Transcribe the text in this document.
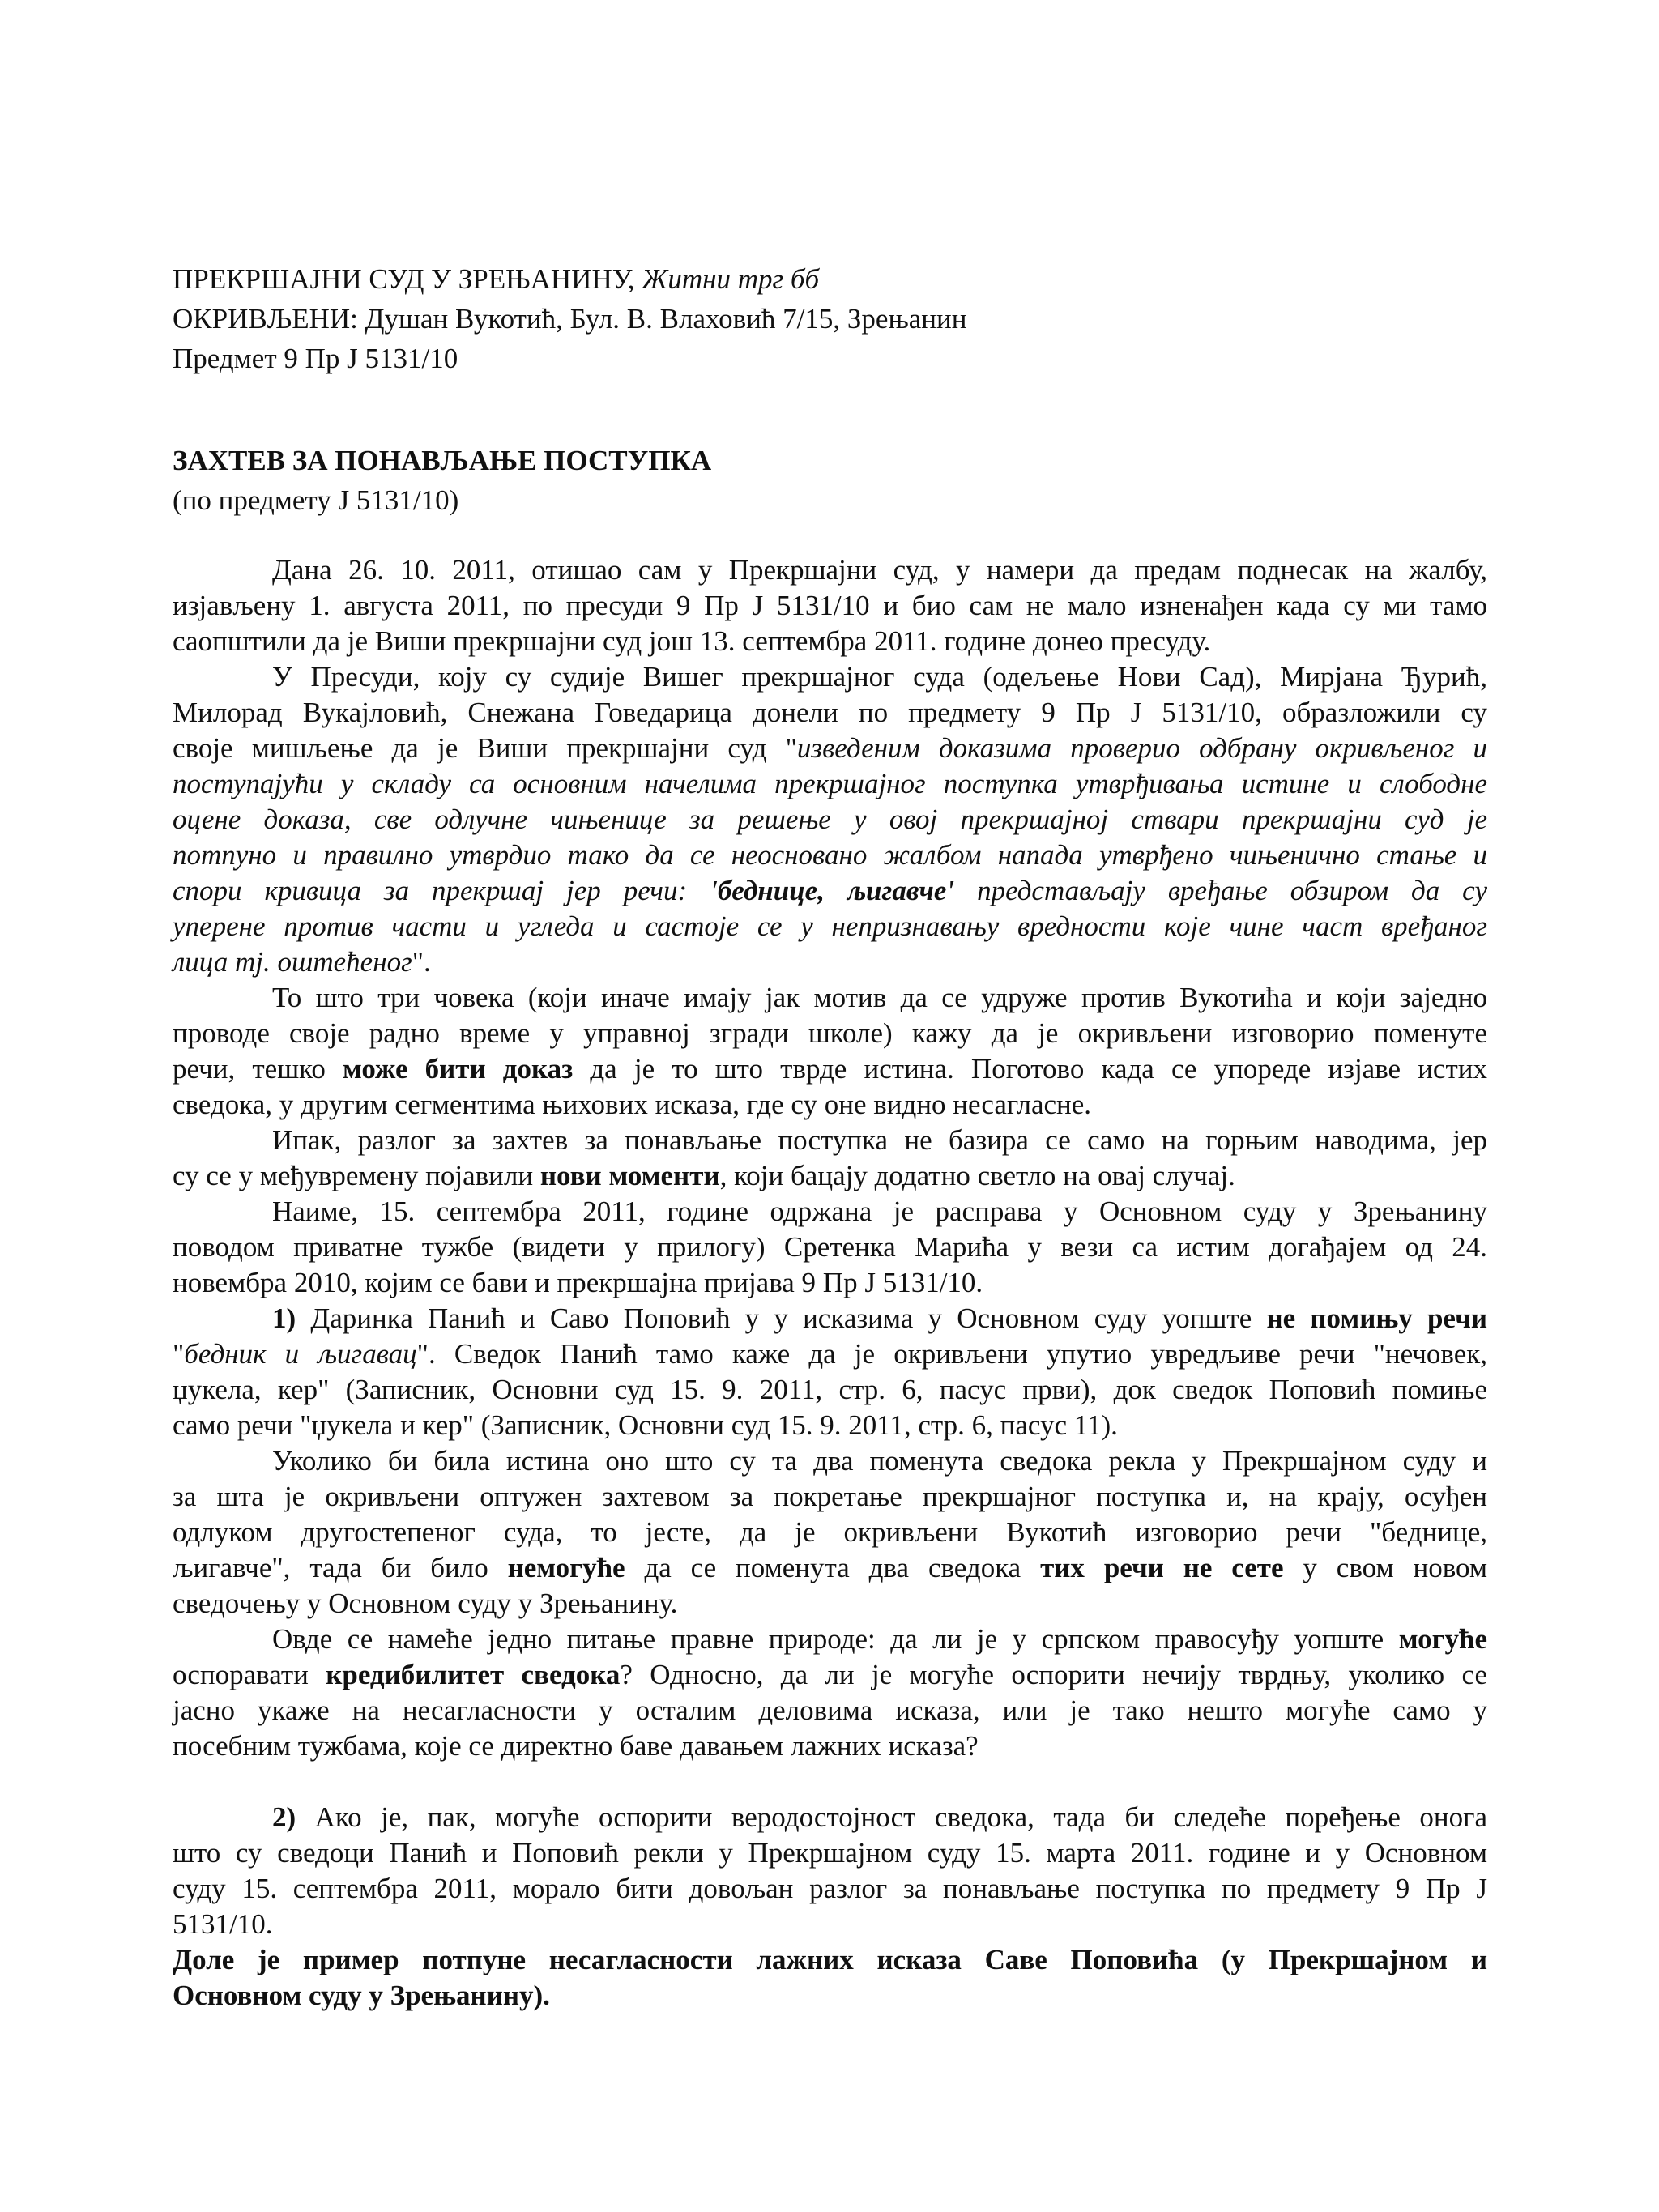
ПРЕКРШАЈНИ СУД У ЗРЕЊАНИНУ, Житни трг бб
ОКРИВЉЕНИ: Душан Вукотић, Бул. В. Влаховић 7/15, Зрењанин
Предмет 9 Пр Ј 5131/10
ЗАХТЕВ ЗА ПОНАВЉАЊЕ ПОСТУПКА
(по предмету Ј 5131/10)
Дана 26. 10. 2011, отишао сам у Прекршајни суд, у намери да предам поднесак на жалбу,
изјављену 1. августа 2011, по пресуди 9 Пр Ј 5131/10 и био сам не мало изненађен када су ми тамо
саопштили да је Виши прекршајни суд још 13. септембра 2011. године донео пресуду.
У Пресуди, коју су судије Вишег прекршајног суда (одељење Нови Сад), Мирјана Ђурић,
Милорад Вукајловић, Снежана Говедарица донели по предмету 9 Пр Ј 5131/10, образложили су
своје мишљење да је Виши прекршајни суд "изведеним доказима проверио одбрану окривљеног и
поступајући у складу са основним начелима прекршајног поступка утврђивања истине и слободне
оцене доказа, све одлучне чињенице за решење у овој прекршајној ствари прекршајни суд је
потпуно и правилно утврдио тако да се неосновано жалбом напада утврђено чињенично стање и
спори кривица за прекршај јер речи: 'беднице, љигавче' представљају вређање обзиром да су
уперене против части и угледа и састоје се у непризнавању вредности које чине част вређаног
лица тј. оштећеног".
То што три човека (који иначе имају јак мотив да се удруже против Вукотића и који заједно
проводе своје радно време у управној згради школе) кажу да је окривљени изговорио поменуте
речи, тешко може бити доказ да је то што тврде истина. Поготово када се упореде изјаве истих
сведока, у другим сегментима њихових исказа, где су оне видно несагласне.
Ипак, разлог за захтев за понављање поступка не базира се само на горњим наводима, јер
су се у међувремену појавили нови моменти, који бацају додатно светло на овај случај.
Наиме, 15. септембра 2011, године одржана је расправа у Основном суду у Зрењанину
поводом приватне тужбе (видети у прилогу) Сретенка Марића у вези са истим догађајем од 24.
новембра 2010, којим се бави и прекршајна пријава 9 Пр Ј 5131/10.
1) Даринка Панић и Саво Поповић у у исказима у Основном суду уопште не помињу речи
"бедник и љигавац". Сведок Панић тамо каже да је окривљени упутио увредљиве речи "нечовек,
џукела, кер" (Записник, Основни суд 15. 9. 2011, стр. 6, пасус први), док сведок Поповић помиње
само речи "џукела и кер" (Записник, Основни суд 15. 9. 2011, стр. 6, пасус 11).
Уколико би била истина оно што су та два поменута сведока рекла у Прекршајном суду и
за шта је окривљени оптужен захтевом за покретање прекршајног поступка и, на крају, осуђен
одлуком другостепеног суда, то јесте, да је окривљени Вукотић изговорио речи "беднице,
љигавче", тада би било немогуће да се поменута два сведока тих речи не сете у свом новом
сведочењу у Основном суду у Зрењанину.
Овде се намеће једно питање правне природе: да ли је у српском правосуђу уопште могуће
оспоравати кредибилитет сведока? Односно, да ли је могуће оспорити нечију тврдњу, уколико се
јасно укаже на несагласности у осталим деловима исказа, или је тако нешто могуће само у
посебним тужбама, које се директно баве давањем лажних исказа?
2) Ако је, пак, могуће оспорити веродостојност сведока, тада би следеће поређење онога
што су сведоци Панић и Поповић рекли у Прекршајном суду 15. марта 2011. године и у Основном
суду 15. септембра 2011, морало бити довољан разлог за понављање поступка по предмету 9 Пр Ј
5131/10.
Доле је пример потпуне несагласности лажних исказа Саве Поповића (у Прекршајном и
Основном суду у Зрењанину).
